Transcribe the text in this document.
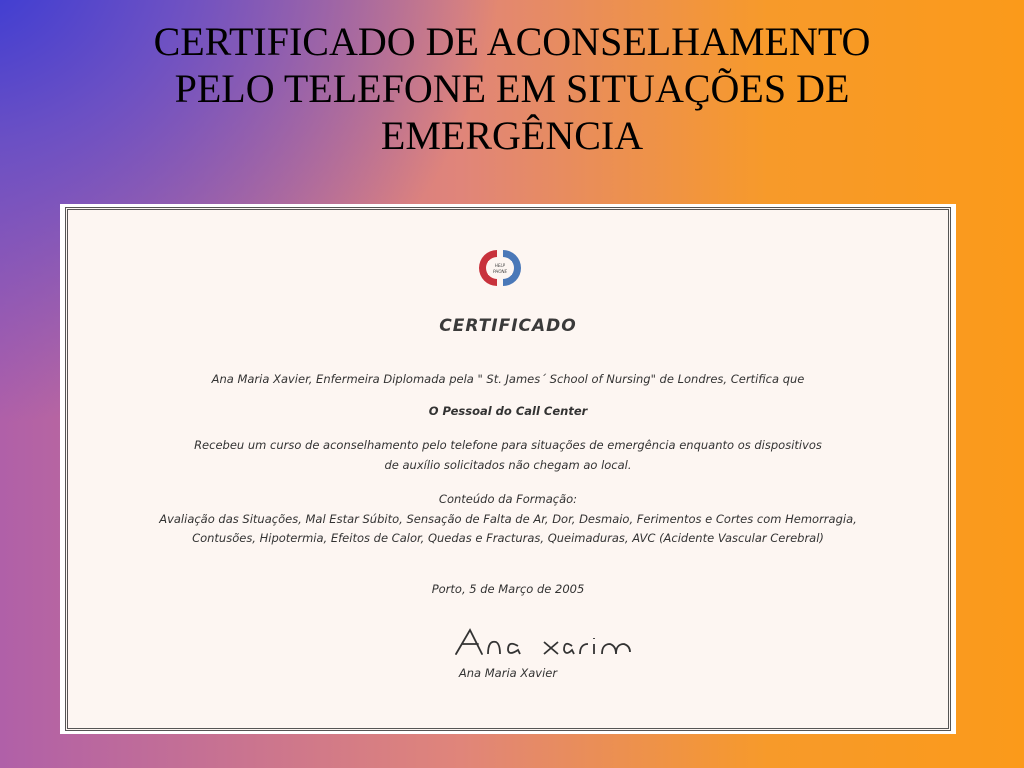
CERTIFICADO DE ACONSELHAMENTO
PELO TELEFONE EM SITUAÇÕES DE
EMERGÊNCIA
HELP
PHONE
CERTIFICADO
Ana Maria Xavier, Enfermeira Diplomada pela " St. James´ School of Nursing" de Londres, Certifica que
O Pessoal do Call Center
Recebeu um curso de aconselhamento pelo telefone para situações de emergência enquanto os dispositivos
de auxílio solicitados não chegam ao local.
Conteúdo da Formação:
Avaliação das Situações, Mal Estar Súbito, Sensação de Falta de Ar, Dor, Desmaio, Ferimentos e Cortes com Hemorragia,
Contusões, Hipotermia, Efeitos de Calor, Quedas e Fracturas, Queimaduras, AVC (Acidente Vascular Cerebral)
Porto, 5 de Março de 2005
Ana Maria Xavier
